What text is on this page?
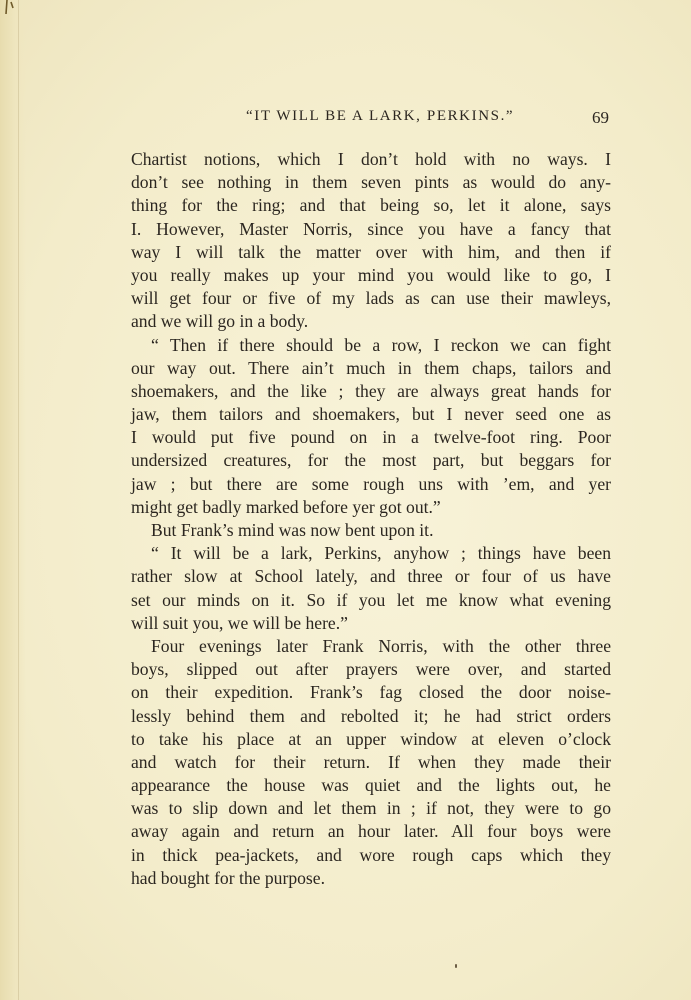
“IT WILL BE A LARK, PERKINS.”	69
Chartist notions, which I don’t hold with no ways. I
don’t see nothing in them seven pints as would do any-
thing for the ring; and that being so, let it alone, says
I. However, Master Norris, since you have a fancy that
way I will talk the matter over with him, and then if
you really makes up your mind you would like to go, I
will get four or five of my lads as can use their mawleys,
and we will go in a body.
“ Then if there should be a row, I reckon we can fight
our way out. There ain’t much in them chaps, tailors and
shoemakers, and the like ; they are always great hands for
jaw, them tailors and shoemakers, but I never seed one as
I would put five pound on in a twelve-foot ring. Poor
undersized creatures, for the most part, but beggars for
jaw ; but there are some rough uns with ’em, and yer
might get badly marked before yer got out.”
But Frank’s mind was now bent upon it.
“ It will be a lark, Perkins, anyhow ; things have been
rather slow at School lately, and three or four of us have
set our minds on it. So if you let me know what evening
will suit you, we will be here.”
Four evenings later Frank Norris, with the other three
boys, slipped out after prayers were over, and started
on their expedition. Frank’s fag closed the door noise-
lessly behind them and rebolted it; he had strict orders
to take his place at an upper window at eleven o’clock
and watch for their return. If when they made their
appearance the house was quiet and the lights out, he
was to slip down and let them in ; if not, they were to go
away again and return an hour later. All four boys were
in thick pea-jackets, and wore rough caps which they
had bought for the purpose.
